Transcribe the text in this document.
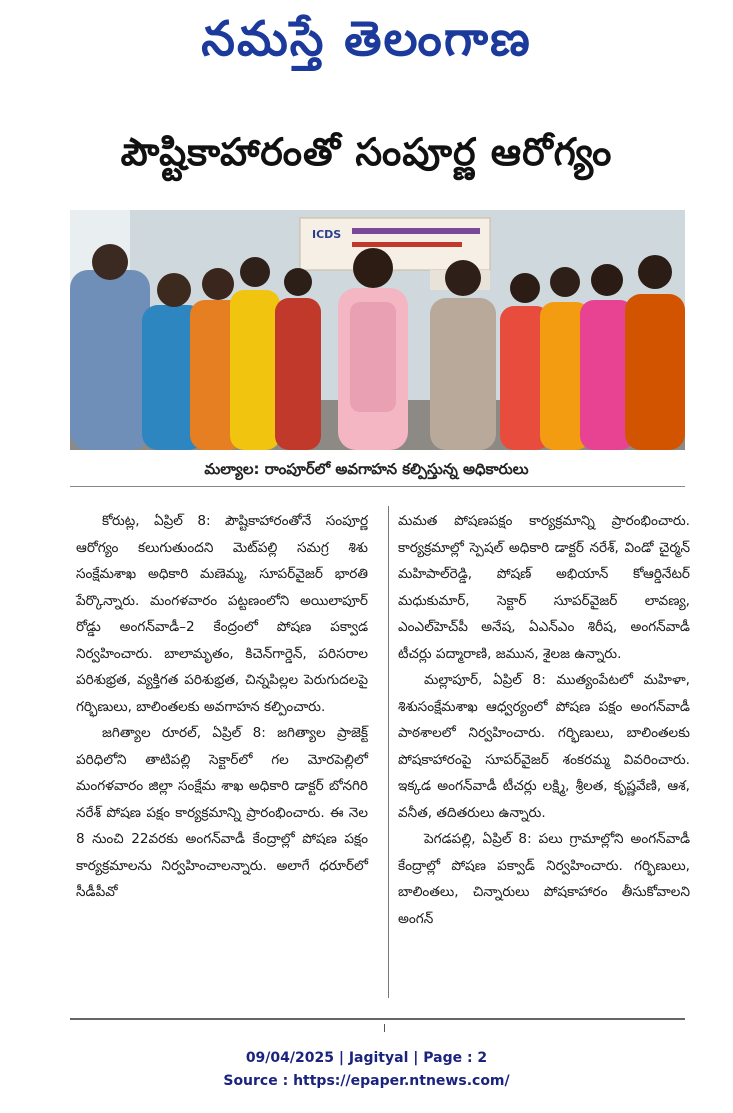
నమస్తే తెలంగాణ
పౌష్టికాహారంతో సంపూర్ణ ఆరోగ్యం
ICDS
మల్యాల: రాంపూర్‌లో అవగాహన కల్పిస్తున్న అధికారులు

కోరుట్ల, ఏప్రిల్ 8: పౌష్టికాహారంతోనే సంపూర్ణ ఆరోగ్యం కలుగుతుందని మెట్‌పల్లి సమగ్ర శిశు సంక్షేమశాఖ అధికారి మణెమ్మ, సూపర్‌వైజర్ భారతి పేర్కొన్నారు. మంగళవారం పట్టణంలోని అయిలాపూర్ రోడ్డు అంగన్‌వాడీ–2 కేంద్రంలో పోషణ పక్వాడ నిర్వహించారు. బాలామృతం, కిచెన్‌గార్డెన్, పరిసరాల పరిశుభ్రత, వ్యక్తిగత పరిశుభ్రత, చిన్నపిల్లల పెరుగుదలపై గర్భిణులు, బాలింతలకు అవగాహన కల్పించారు.

జగిత్యాల రూరల్, ఏప్రిల్ 8: జగిత్యాల ప్రాజెక్ట్ పరిధిలోని తాటిపల్లి సెక్టార్‌లో గల మోరపెల్లిలో మంగళవారం జిల్లా సంక్షేమ శాఖ అధికారి డాక్టర్ బోనగిరి నరేశ్ పోషణ పక్షం కార్యక్రమాన్ని ప్రారంభించారు. ఈ నెల 8 నుంచి 22వరకు అంగన్‌వాడీ కేంద్రాల్లో పోషణ పక్షం కార్యక్రమాలను నిర్వహించాలన్నారు. అలాగే ధరూర్‌లో సీడీపీవో

మమత పోషణపక్షం కార్యక్రమాన్ని ప్రారంభించారు. కార్యక్రమాల్లో స్పెషల్ అధికారి డాక్టర్ నరేశ్, విండో చైర్మన్ మహిపాల్‌రెడ్డి, పోషణ్ అభియాన్ కోఆర్డినేటర్ మధుకుమార్, సెక్టార్ సూపర్‌వైజర్ లావణ్య, ఎంఎల్‌హెచ్‌పీ అనేష, ఏఎన్‌ఎం శిరీష, అంగన్‌వాడీ టీచర్లు పద్మారాణి, జమున, శైలజ ఉన్నారు.

మల్లాపూర్, ఏప్రిల్ 8: ముత్యంపేటలో మహిళా, శిశుసంక్షేమశాఖ ఆధ్వర్యంలో పోషణ పక్షం అంగన్‌వాడీ పాఠశాలలో నిర్వహించారు. గర్భిణులు, బాలింతలకు పోషకాహారంపై సూపర్‌వైజర్ శంకరమ్మ వివరించారు. ఇక్కడ అంగన్‌వాడీ టీచర్లు లక్ష్మి, శ్రీలత, కృష్ణవేణి, ఆశ, వనీత, తదితరులు ఉన్నారు.

పెగడపల్లి, ఏప్రిల్ 8: పలు గ్రామాల్లోని అంగన్‌వాడీ కేంద్రాల్లో పోషణ పక్వాడ్ నిర్వహించారు. గర్భిణులు, బాలింతలు, చిన్నారులు పోషకాహారం తీసుకోవాలని అంగన్

09/04/2025 | Jagityal | Page : 2
Source : https://epaper.ntnews.com/
